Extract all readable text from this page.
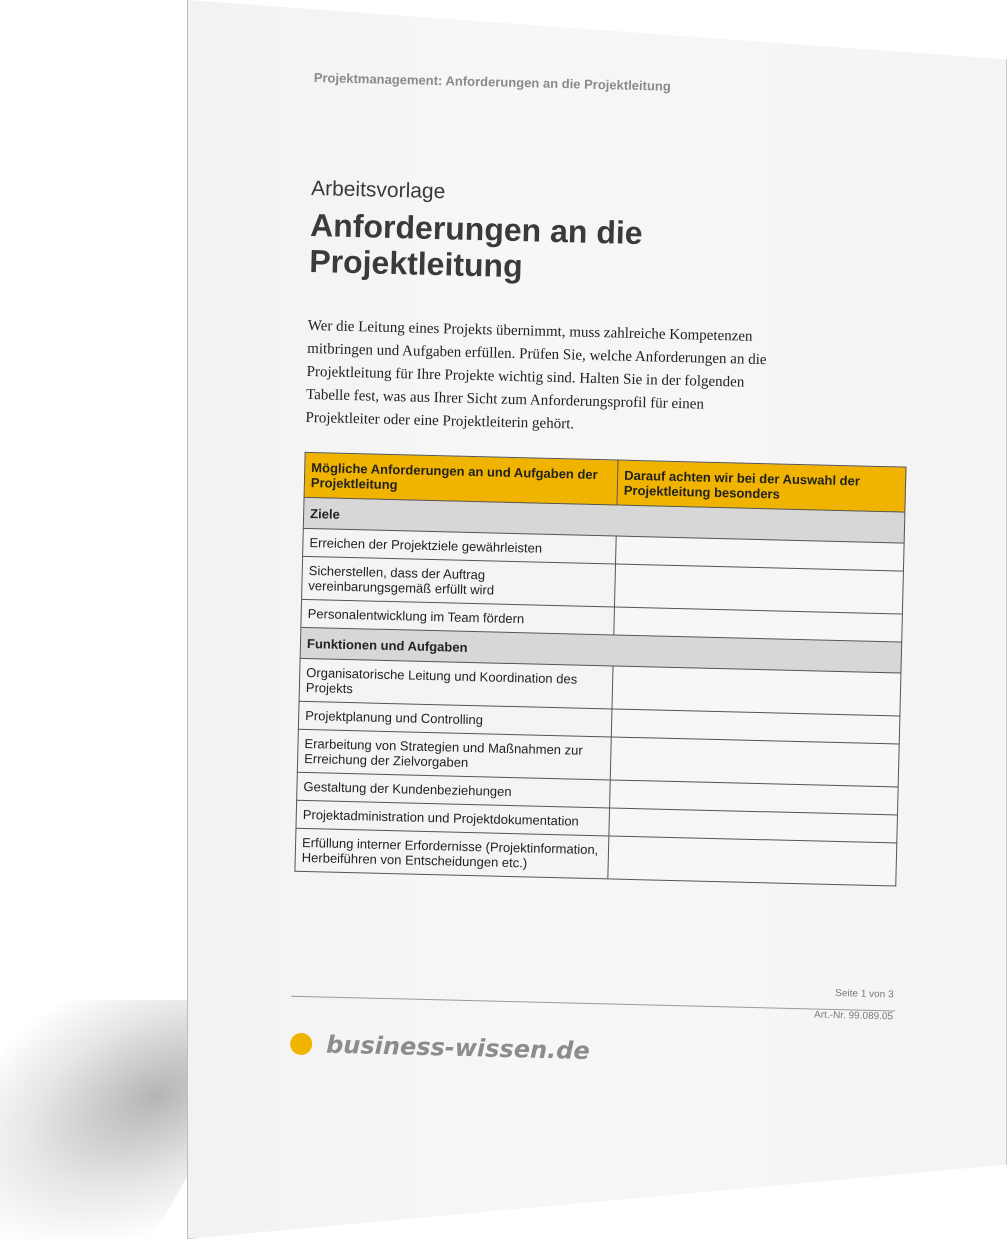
Projektmanagement: Anforderungen an die Projektleitung

Arbeitsvorlage
Anforderungen an die
Projektleitung
Wer die Leitung eines Projekts übernimmt, muss zahlreiche Kompetenzen mitbringen und Aufgaben erfüllen. Prüfen Sie, welche Anforderungen an die Projektleitung für Ihre Projekte wichtig sind. Halten Sie in der folgenden Tabelle fest, was aus Ihrer Sicht zum Anforderungsprofil für einen Projektleiter oder eine Projektleiterin gehört.
Mögliche Anforderungen an und Aufgaben der Projektleitung	Darauf achten wir bei der Auswahl der Projektleitung besonders
Ziele	
Erreichen der Projektziele gewährleisten	
Sicherstellen, dass der Auftrag vereinbarungsgemäß erfüllt wird	
Personalentwicklung im Team fördern	
Funktionen und Aufgaben	
Organisatorische Leitung und Koordination des Projekts	
Projektplanung und Controlling	
Erarbeitung von Strategien und Maßnahmen zur Erreichung der Zielvorgaben	
Gestaltung der Kundenbeziehungen	
Projektadministration und Projektdokumentation	
Erfüllung interner Erfordernisse (Projektinformation, Herbeiführen von Entscheidungen etc.)	
Seite 1 von 3
Art.-Nr. 99.089.05
business-wissen.de
